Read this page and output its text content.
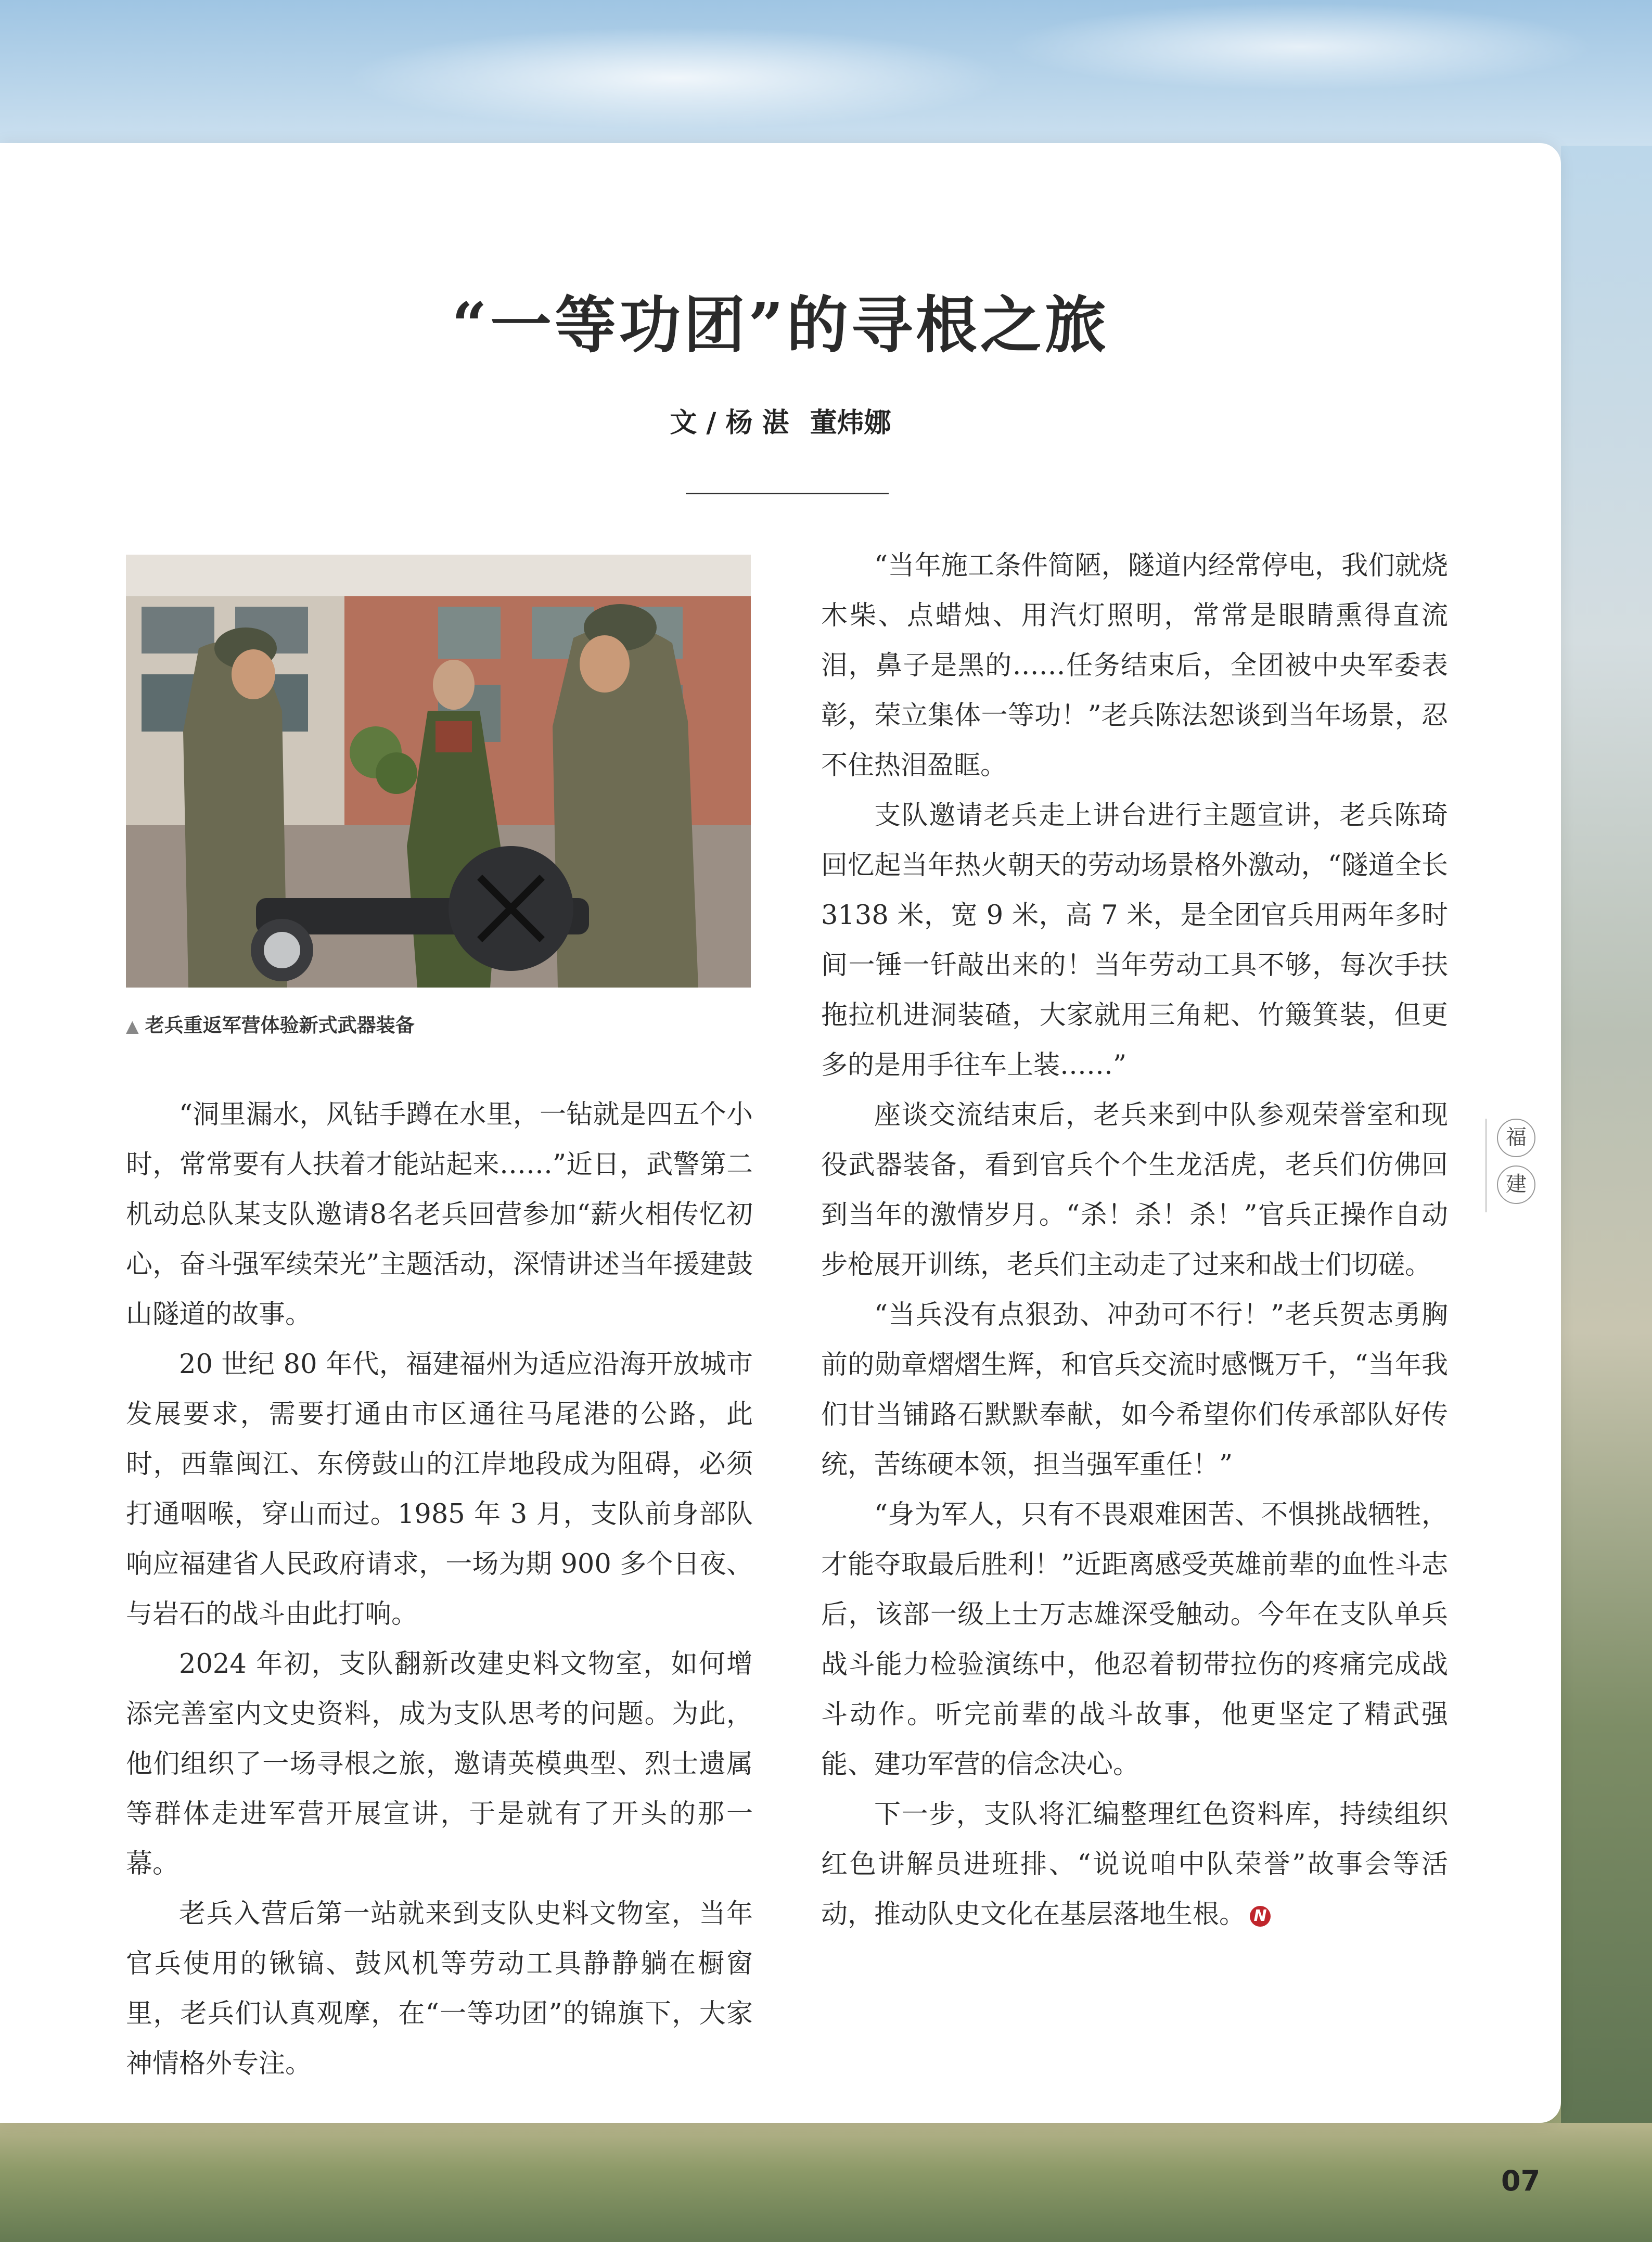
“一等功团”的寻根之旅
文 / 杨 湛 董炜娜
▲ 老兵重返军营体验新式武器装备

“洞里漏水，风钻手蹲在水里，一钻就是四五个小时，常常要有人扶着才能站起来……”近日，武警第二机动总队某支队邀请8名老兵回营参加“薪火相传忆初心，奋斗强军续荣光”主题活动，深情讲述当年援建鼓山隧道的故事。

20 世纪 80 年代，福建福州为适应沿海开放城市发展要求，需要打通由市区通往马尾港的公路，此时，西靠闽江、东傍鼓山的江岸地段成为阻碍，必须打通咽喉，穿山而过。1985 年 3 月，支队前身部队响应福建省人民政府请求，一场为期 900 多个日夜、与岩石的战斗由此打响。

2024 年初，支队翻新改建史料文物室，如何增添完善室内文史资料，成为支队思考的问题。为此，他们组织了一场寻根之旅，邀请英模典型、烈士遗属等群体走进军营开展宣讲，于是就有了开头的那一幕。

老兵入营后第一站就来到支队史料文物室，当年官兵使用的锹镐、鼓风机等劳动工具静静躺在橱窗里，老兵们认真观摩，在“一等功团”的锦旗下，大家神情格外专注。

“当年施工条件简陋，隧道内经常停电，我们就烧木柴、点蜡烛、用汽灯照明，常常是眼睛熏得直流泪，鼻子是黑的……任务结束后，全团被中央军委表彰，荣立集体一等功！”老兵陈法恕谈到当年场景，忍不住热泪盈眶。

支队邀请老兵走上讲台进行主题宣讲，老兵陈琦回忆起当年热火朝天的劳动场景格外激动，“隧道全长 3138 米，宽 9 米，高 7 米，是全团官兵用两年多时间一锤一钎敲出来的！当年劳动工具不够，每次手扶拖拉机进洞装碴，大家就用三角耙、竹簸箕装，但更多的是用手往车上装……”

座谈交流结束后，老兵来到中队参观荣誉室和现役武器装备，看到官兵个个生龙活虎，老兵们仿佛回到当年的激情岁月。“杀！杀！杀！”官兵正操作自动步枪展开训练，老兵们主动走了过来和战士们切磋。

“当兵没有点狠劲、冲劲可不行！”老兵贺志勇胸前的勋章熠熠生辉，和官兵交流时感慨万千，“当年我们甘当铺路石默默奉献，如今希望你们传承部队好传统，苦练硬本领，担当强军重任！”

“身为军人，只有不畏艰难困苦、不惧挑战牺牲，才能夺取最后胜利！”近距离感受英雄前辈的血性斗志后，该部一级上士万志雄深受触动。今年在支队单兵战斗能力检验演练中，他忍着韧带拉伤的疼痛完成战斗动作。听完前辈的战斗故事，他更坚定了精武强能、建功军营的信念决心。

下一步，支队将汇编整理红色资料库，持续组织红色讲解员进班排、“说说咱中队荣誉”故事会等活动，推动队史文化在基层落地生根。 N

福
建
07
